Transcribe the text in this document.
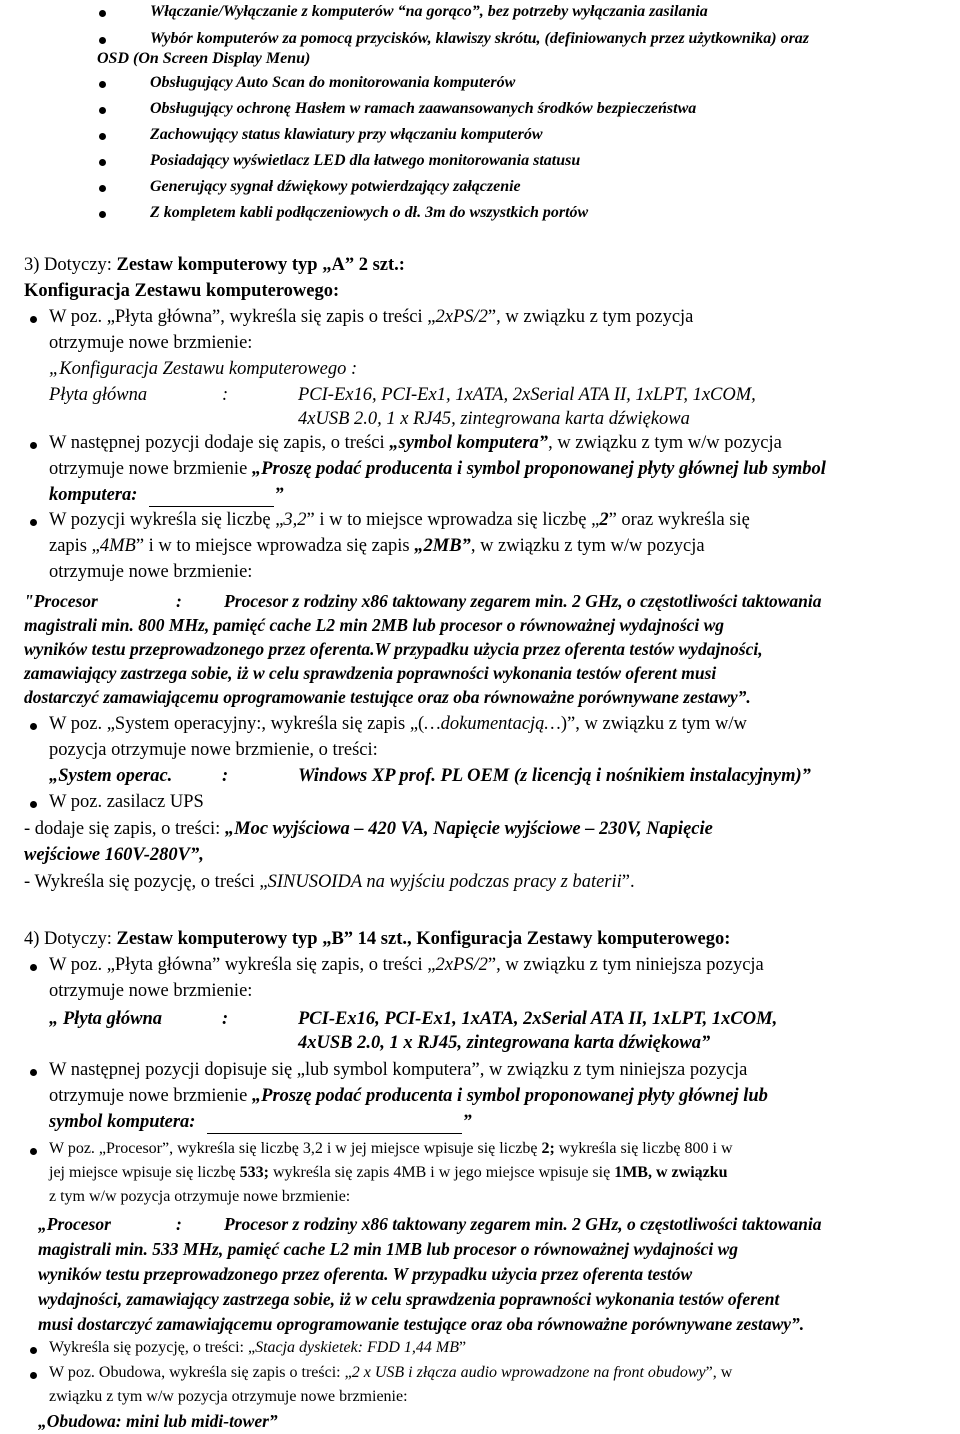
Włączanie/Wyłączanie z komputerów “na gorąco”, bez potrzeby wyłączania zasilania
Wybór komputerów za pomocą przycisków, klawiszy skrótu, (definiowanych przez użytkownika) oraz
OSD (On Screen Display Menu)
Obsługujący Auto Scan do monitorowania komputerów
Obsługujący ochronę Hasłem w ramach zaawansowanych środków bezpieczeństwa
Zachowujący status klawiatury przy włączaniu komputerów
Posiadający wyświetlacz LED dla łatwego monitorowania statusu
Generujący sygnał dźwiękowy potwierdzający załączenie
Z kompletem kabli podłączeniowych o dł. 3m do wszystkich portów
3) Dotyczy: Zestaw komputerowy typ „A” 2 szt.:
Konfiguracja Zestawu komputerowego:
W poz. „Płyta główna”, wykreśla się zapis o treści „2xPS/2”, w związku z tym pozycja
otrzymuje nowe brzmienie:
„Konfiguracja Zestawu komputerowego :
Płyta główna	:	PCI-Ex16, PCI-Ex1, 1xATA, 2xSerial ATA II, 1xLPT, 1xCOM,
4xUSB 2.0, 1 x RJ45, zintegrowana karta dźwiękowa
W następnej pozycji dodaje się zapis, o treści „symbol komputera”, w związku z tym w/w pozycja
otrzymuje nowe brzmienie „Proszę podać producenta i symbol proponowanej płyty głównej lub symbol
komputera:	”
W pozycji wykreśla się liczbę „3,2” i w to miejsce wprowadza się liczbę „2” oraz wykreśla się
zapis „4MB” i w to miejsce wprowadza się zapis „2MB”, w związku z tym w/w pozycja
otrzymuje nowe brzmienie:
"Procesor	: Procesor z rodziny x86 taktowany zegarem min. 2 GHz, o częstotliwości taktowania
magistrali min. 800 MHz, pamięć cache L2 min 2MB lub procesor o równoważnej wydajności wg
wyników testu przeprowadzonego przez oferenta.W przypadku użycia przez oferenta testów wydajności,
zamawiający zastrzega sobie, iż w celu sprawdzenia poprawności wykonania testów oferent musi
dostarczyć zamawiającemu oprogramowanie testujące oraz oba równoważne porównywane zestawy”.
W poz. „System operacyjny:, wykreśla się zapis „(…dokumentacją…)”, w związku z tym w/w
pozycja otrzymuje nowe brzmienie, o treści:
„System operac.	:	Windows XP prof. PL OEM (z licencją i nośnikiem instalacyjnym)”
W poz. zasilacz UPS
- dodaje się zapis, o treści: „Moc wyjściowa – 420 VA, Napięcie wyjściowe – 230V, Napięcie
wejściowe 160V-280V”,
- Wykreśla się pozycję, o treści „SINUSOIDA na wyjściu podczas pracy z baterii”.
4) Dotyczy: Zestaw komputerowy typ „B” 14 szt., Konfiguracja Zestawy komputerowego:
W poz. „Płyta główna” wykreśla się zapis, o treści „2xPS/2”, w związku z tym niniejsza pozycja
otrzymuje nowe brzmienie:
„ Płyta główna	:	PCI-Ex16, PCI-Ex1, 1xATA, 2xSerial ATA II, 1xLPT, 1xCOM,
4xUSB 2.0, 1 x RJ45, zintegrowana karta dźwiękowa”
W następnej pozycji dopisuje się „lub symbol komputera”, w związku z tym niniejsza pozycja
otrzymuje nowe brzmienie „Proszę podać producenta i symbol proponowanej płyty głównej lub
symbol komputera:	”
W poz. „Procesor”, wykreśla się liczbę 3,2 i w jej miejsce wpisuje się liczbę 2; wykreśla się liczbę 800 i w
jej miejsce wpisuje się liczbę 533; wykreśla się zapis 4MB i w jego miejsce wpisuje się 1MB, w związku
z tym w/w pozycja otrzymuje nowe brzmienie:
„Procesor	: Procesor z rodziny x86 taktowany zegarem min. 2 GHz, o częstotliwości taktowania
magistrali min. 533 MHz, pamięć cache L2 min 1MB lub procesor o równoważnej wydajności wg
wyników testu przeprowadzonego przez oferenta. W przypadku użycia przez oferenta testów
wydajności, zamawiający zastrzega sobie, iż w celu sprawdzenia poprawności wykonania testów oferent
musi dostarczyć zamawiającemu oprogramowanie testujące oraz oba równoważne porównywane zestawy”.
Wykreśla się pozycję, o treści: „Stacja dyskietek: FDD 1,44 MB”
W poz. Obudowa, wykreśla się zapis o treści: „2 x USB i złącza audio wprowadzone na front obudowy”, w
związku z tym w/w pozycja otrzymuje nowe brzmienie:
„Obudowa: mini lub midi-tower”
